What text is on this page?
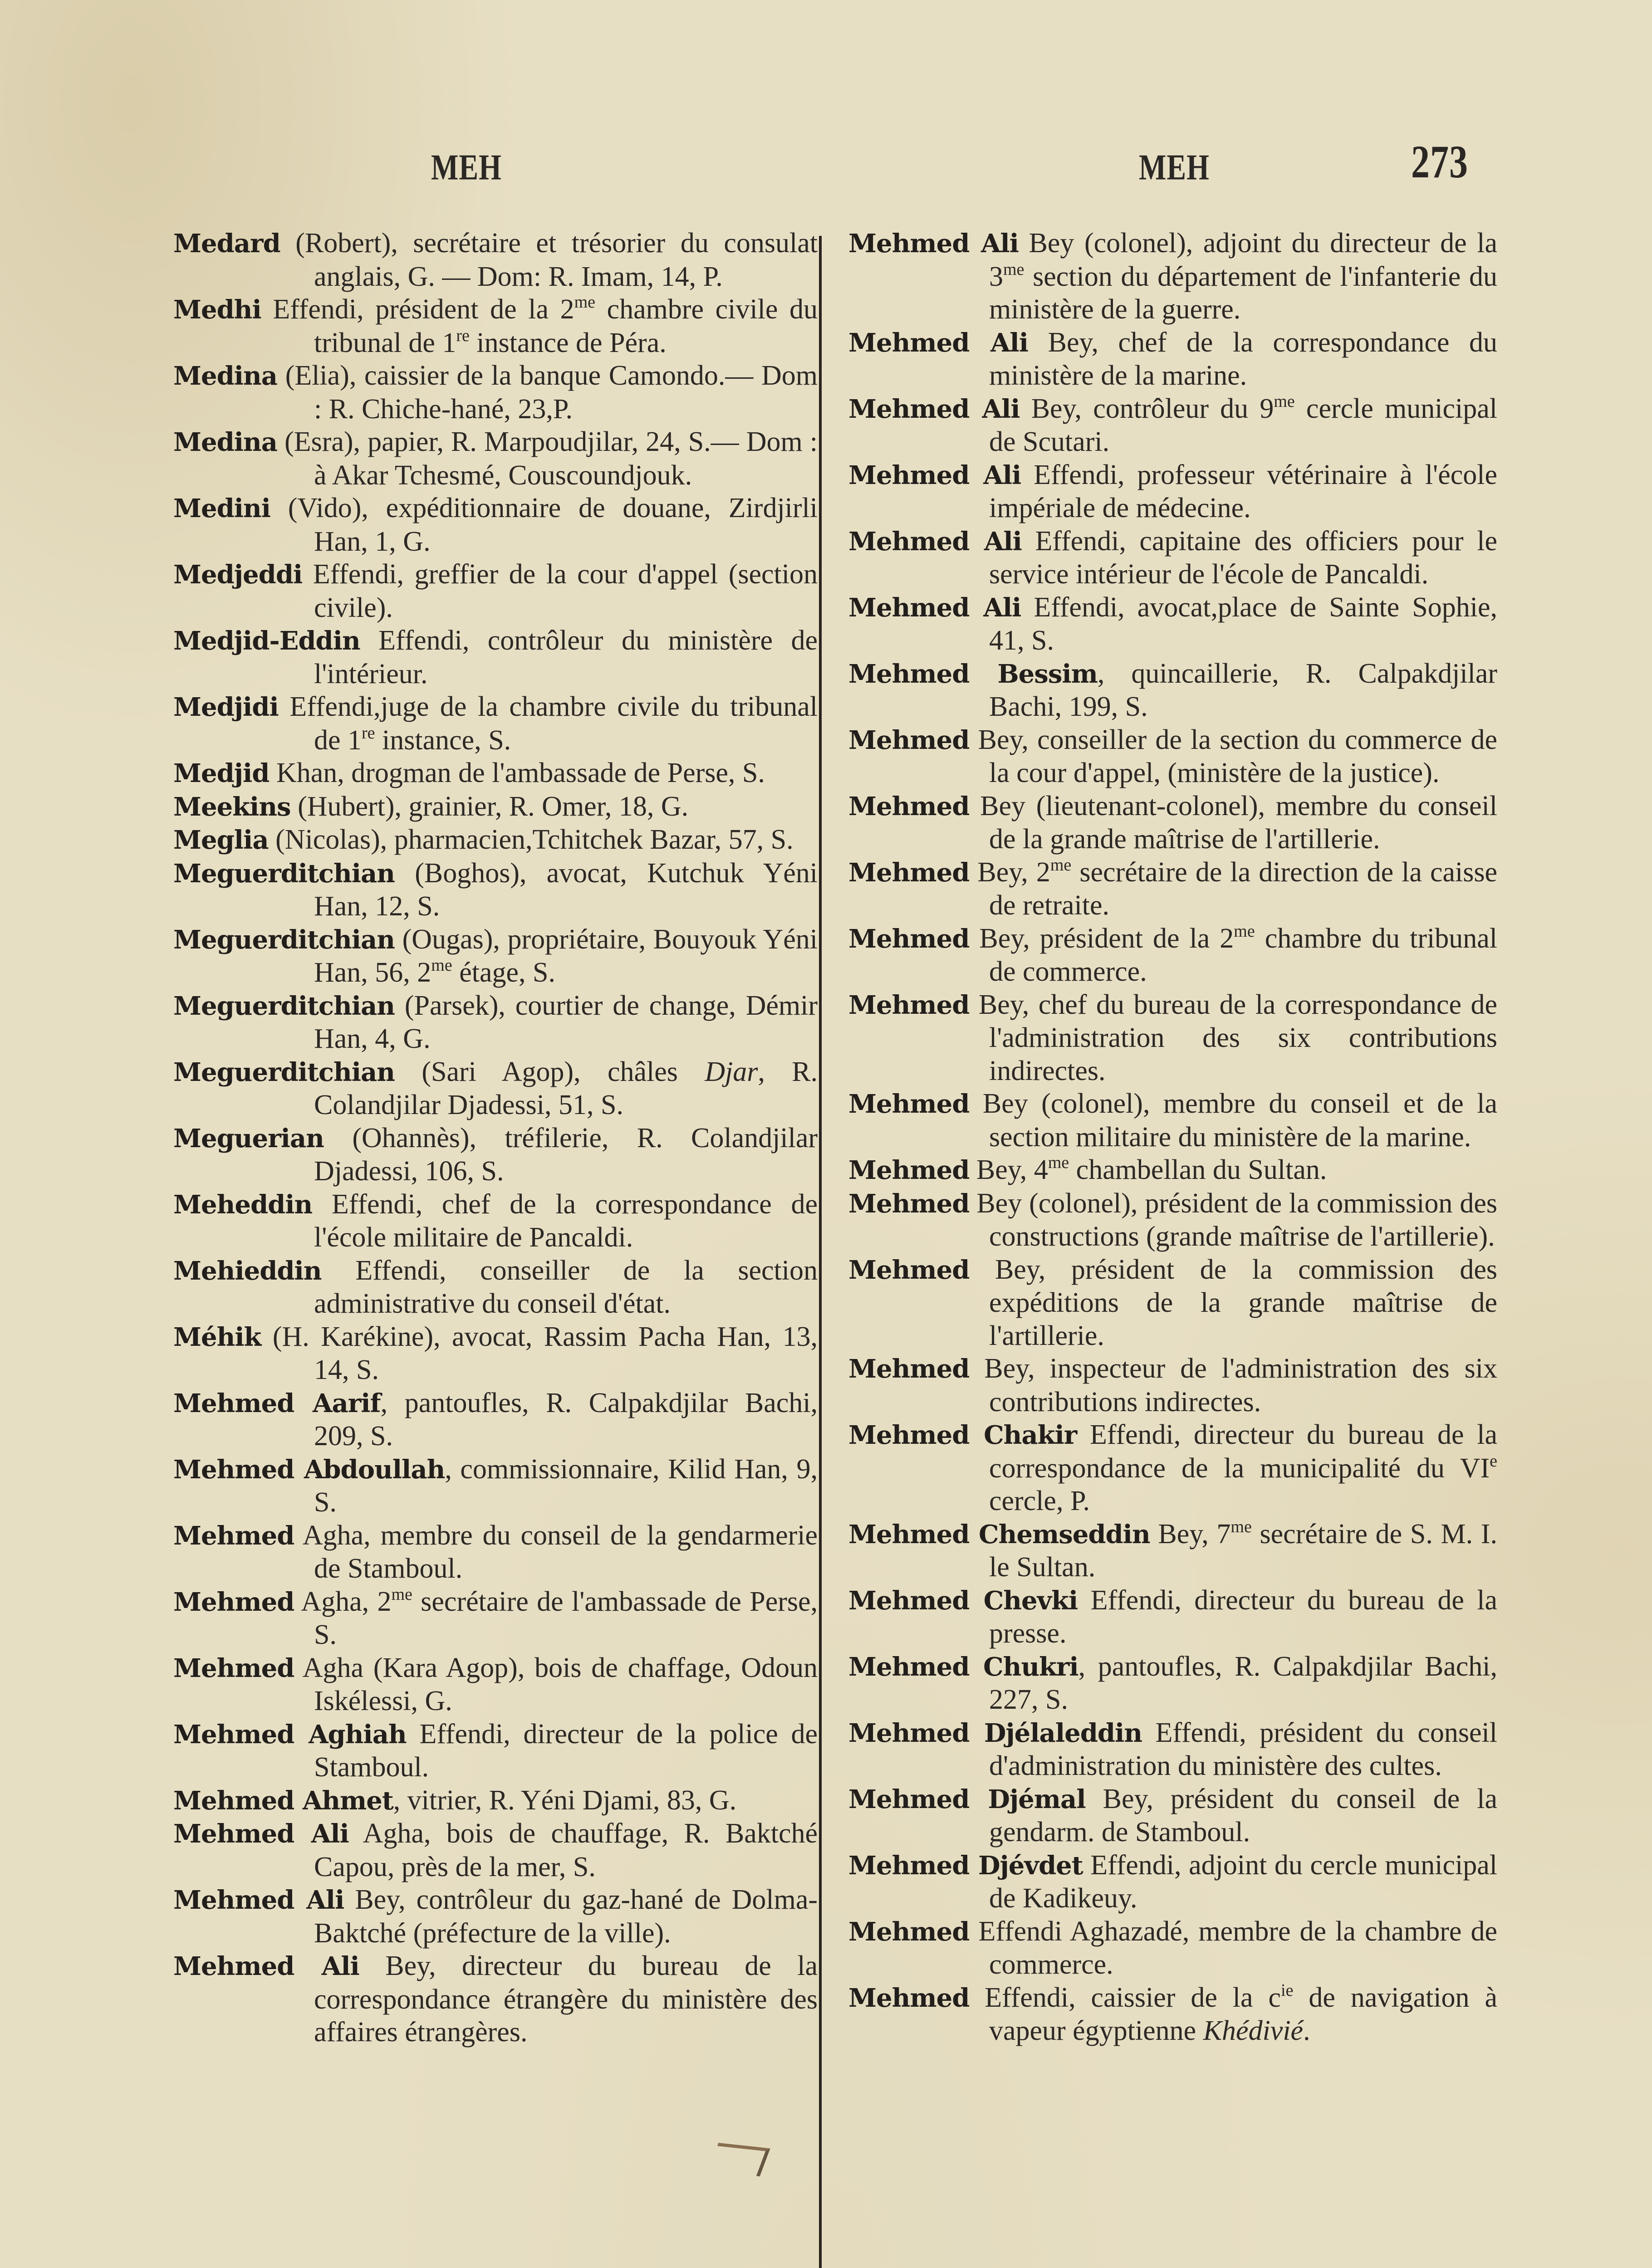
MEH	MEH	273

Medard (Robert), secrétaire et trésorier du consulat anglais, G. — Dom: R. Imam, 14, P.

Medhi Effendi, président de la $2^{me}$ chambre civile du tribunal de 1re instance de Péra.

Medina (Elia), caissier de la banque Camondo.— Dom : R. Chiche-hané, 23,P.

Medina (Esra), papier, R. Marpoudjilar, 24, S.— Dom : à Akar Tchesmé, Couscoundjouk.

Medini (Vido), expéditionnaire de douane, Zirdjirli Han, 1, G.

Medjeddi Effendi, greffier de la cour d'appel (section civile).

Medjid-Eddin Effendi, contrôleur du ministère de l'intérieur.

Medjidi Effendi,juge de la chambre civile du tribunal de 1re instance, S.

Medjid Khan, drogman de l'ambassade de Perse, S.

Meekins (Hubert), grainier, R. Omer, 18, G.

Meglia (Nicolas), pharmacien,Tchitchek Bazar, 57, S.

Meguerditchian (Boghos), avocat, Kutchuk Yéni Han, 12, S.

Meguerditchian (Ougas), propriétaire, Bouyouk Yéni Han, 56, $2^{me}$ étage, S.

Meguerditchian (Parsek), courtier de change, Démir Han, 4, G.

Meguerditchian (Sari Agop), châles Djar, R. Colandjilar Djadessi, 51, S.

Meguerian (Ohannès), tréfilerie, R. Colandjilar Djadessi, 106, S.

Meheddin Effendi, chef de la correspondance de l'école militaire de Pancaldi.

Mehieddin Effendi, conseiller de la section administrative du conseil d'état.

Méhik (H. Karékine), avocat, Rassim Pacha Han, 13, 14, S.

Mehmed Aarif, pantoufles, R. Calpakdjilar Bachi, 209, S.

Mehmed Abdoullah, commissionnaire, Kilid Han, 9, S.

Mehmed Agha, membre du conseil de la gendarmerie de Stamboul.

Mehmed Agha, $2^{me}$ secrétaire de l'ambassade de Perse, S.

Mehmed Agha (Kara Agop), bois de chaffage, Odoun Iskélessi, G.

Mehmed Aghiah Effendi, directeur de la police de Stamboul.

Mehmed Ahmet, vitrier, R. Yéni Djami, 83, G.

Mehmed Ali Agha, bois de chauffage, R. Baktché Capou, près de la mer, S.

Mehmed Ali Bey, contrôleur du gaz-hané de Dolma-Baktché (préfecture de la ville).

Mehmed Ali Bey, directeur du bureau de la correspondance étrangère du ministère des affaires étrangères.

Mehmed Ali Bey (colonel), adjoint du directeur de la $3^{me}$ section du département de l'infanterie du ministère de la guerre.

Mehmed Ali Bey, chef de la correspondance du ministère de la marine.

Mehmed Ali Bey, contrôleur du $9^{me}$ cercle municipal de Scutari.

Mehmed Ali Effendi, professeur vétérinaire à l'école impériale de médecine.

Mehmed Ali Effendi, capitaine des officiers pour le service intérieur de l'école de Pancaldi.

Mehmed Ali Effendi, avocat,place de Sainte Sophie, 41, S.

Mehmed Bessim, quincaillerie, R. Calpakdjilar Bachi, 199, S.

Mehmed Bey, conseiller de la section du commerce de la cour d'appel, (ministère de la justice).

Mehmed Bey (lieutenant-colonel), membre du conseil de la grande maîtrise de l'artillerie.

Mehmed Bey, $2^{me}$ secrétaire de la direction de la caisse de retraite.

Mehmed Bey, président de la $2^{me}$ chambre du tribunal de commerce.

Mehmed Bey, chef du bureau de la correspondance de l'administration des six contributions indirectes.

Mehmed Bey (colonel), membre du conseil et de la section militaire du ministère de la marine.

Mehmed Bey, $4^{me}$ chambellan du Sultan.

Mehmed Bey (colonel), président de la commission des constructions (grande maîtrise de l'artillerie).

Mehmed Bey, président de la commission des expéditions de la grande maîtrise de l'artillerie.

Mehmed Bey, inspecteur de l'administration des six contributions indirectes.

Mehmed Chakir Effendi, directeur du bureau de la correspondance de la municipalité du VIe cercle, P.

Mehmed Chemseddin Bey, $7^{me}$ secrétaire de S. M. I. le Sultan.

Mehmed Chevki Effendi, directeur du bureau de la presse.

Mehmed Chukri, pantoufles, R. Calpakdjilar Bachi, 227, S.

Mehmed Djélaleddin Effendi, président du conseil d'administration du ministère des cultes.

Mehmed Djémal Bey, président du conseil de la gendarm. de Stamboul.

Mehmed Djévdet Effendi, adjoint du cercle municipal de Kadikeuy.

Mehmed Effendi Aghazadé, membre de la chambre de commerce.

Mehmed Effendi, caissier de la $c^{ie}$ de navigation à vapeur égyptienne Khédivié.
